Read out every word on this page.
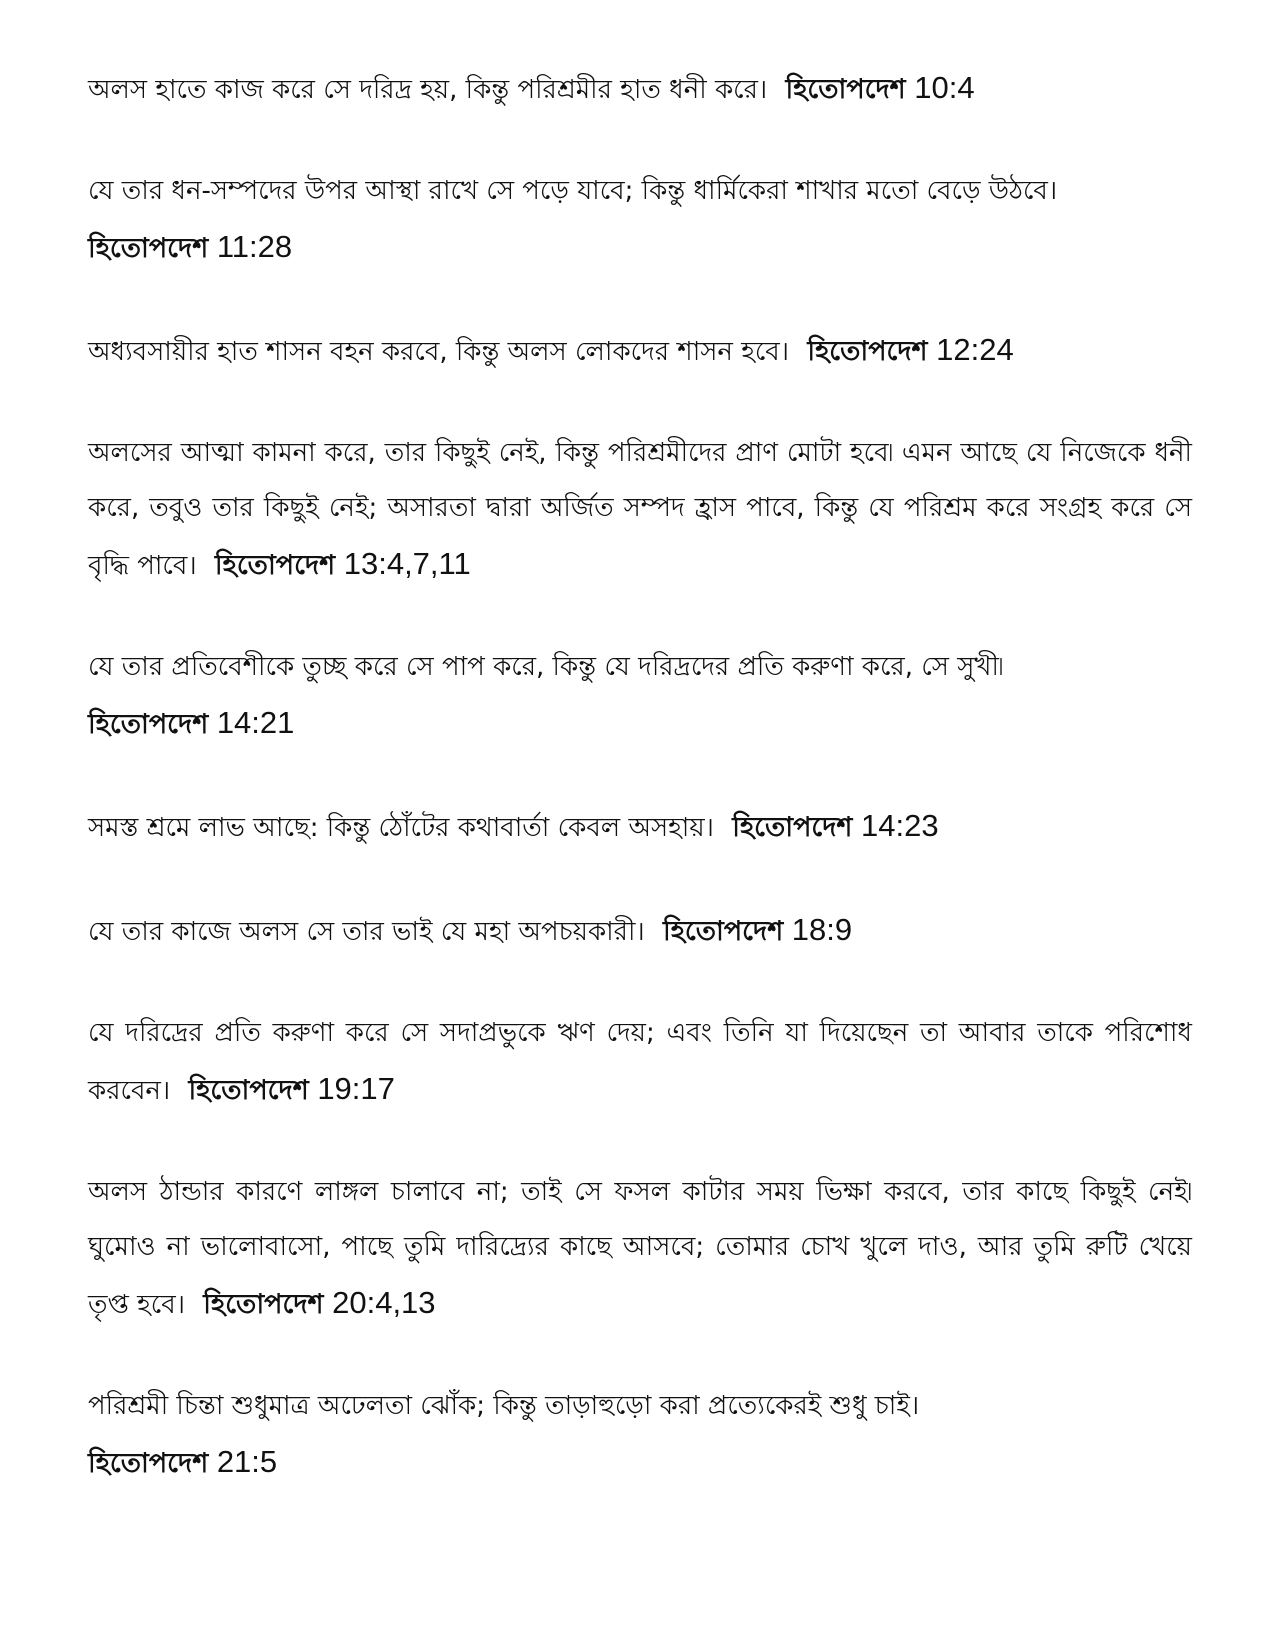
অলস হাতে কাজ করে সে দরিদ্র হয়, কিন্তু পরিশ্রমীর হাত ধনী করে। হিতোপদেশ 10:4

যে তার ধন-সম্পদের উপর আস্থা রাখে সে পড়ে যাবে; কিন্তু ধার্মিকেরা শাখার মতো বেড়ে উঠবে।
হিতোপদেশ 11:28

অধ্যবসায়ীর হাত শাসন বহন করবে, কিন্তু অলস লোকদের শাসন হবে। হিতোপদেশ 12:24

অলসের আত্মা কামনা করে, তার কিছুই নেই, কিন্তু পরিশ্রমীদের প্রাণ মোটা হবে৷ এমন আছে যে নিজেকে ধনী করে, তবুও তার কিছুই নেই; অসারতা দ্বারা অর্জিত সম্পদ হ্রাস পাবে, কিন্তু যে পরিশ্রম করে সংগ্রহ করে সে বৃদ্ধি পাবে। হিতোপদেশ 13:4,7,11

যে তার প্রতিবেশীকে তুচ্ছ করে সে পাপ করে, কিন্তু যে দরিদ্রদের প্রতি করুণা করে, সে সুখী৷
হিতোপদেশ 14:21

সমস্ত শ্রমে লাভ আছে: কিন্তু ঠোঁটের কথাবার্তা কেবল অসহায়। হিতোপদেশ 14:23

যে তার কাজে অলস সে তার ভাই যে মহা অপচয়কারী। হিতোপদেশ 18:9

যে দরিদ্রের প্রতি করুণা করে সে সদাপ্রভুকে ঋণ দেয়; এবং তিনি যা দিয়েছেন তা আবার তাকে পরিশোধ করবেন। হিতোপদেশ 19:17

অলস ঠান্ডার কারণে লাঙ্গল চালাবে না; তাই সে ফসল কাটার সময় ভিক্ষা করবে, তার কাছে কিছুই নেই৷ ঘুমোও না ভালোবাসো, পাছে তুমি দারিদ্র্যের কাছে আসবে; তোমার চোখ খুলে দাও, আর তুমি রুটি খেয়ে তৃপ্ত হবে। হিতোপদেশ 20:4,13

পরিশ্রমী চিন্তা শুধুমাত্র অঢেলতা ঝোঁক; কিন্তু তাড়াহুড়ো করা প্রত্যেকেরই শুধু চাই।
হিতোপদেশ 21:5
